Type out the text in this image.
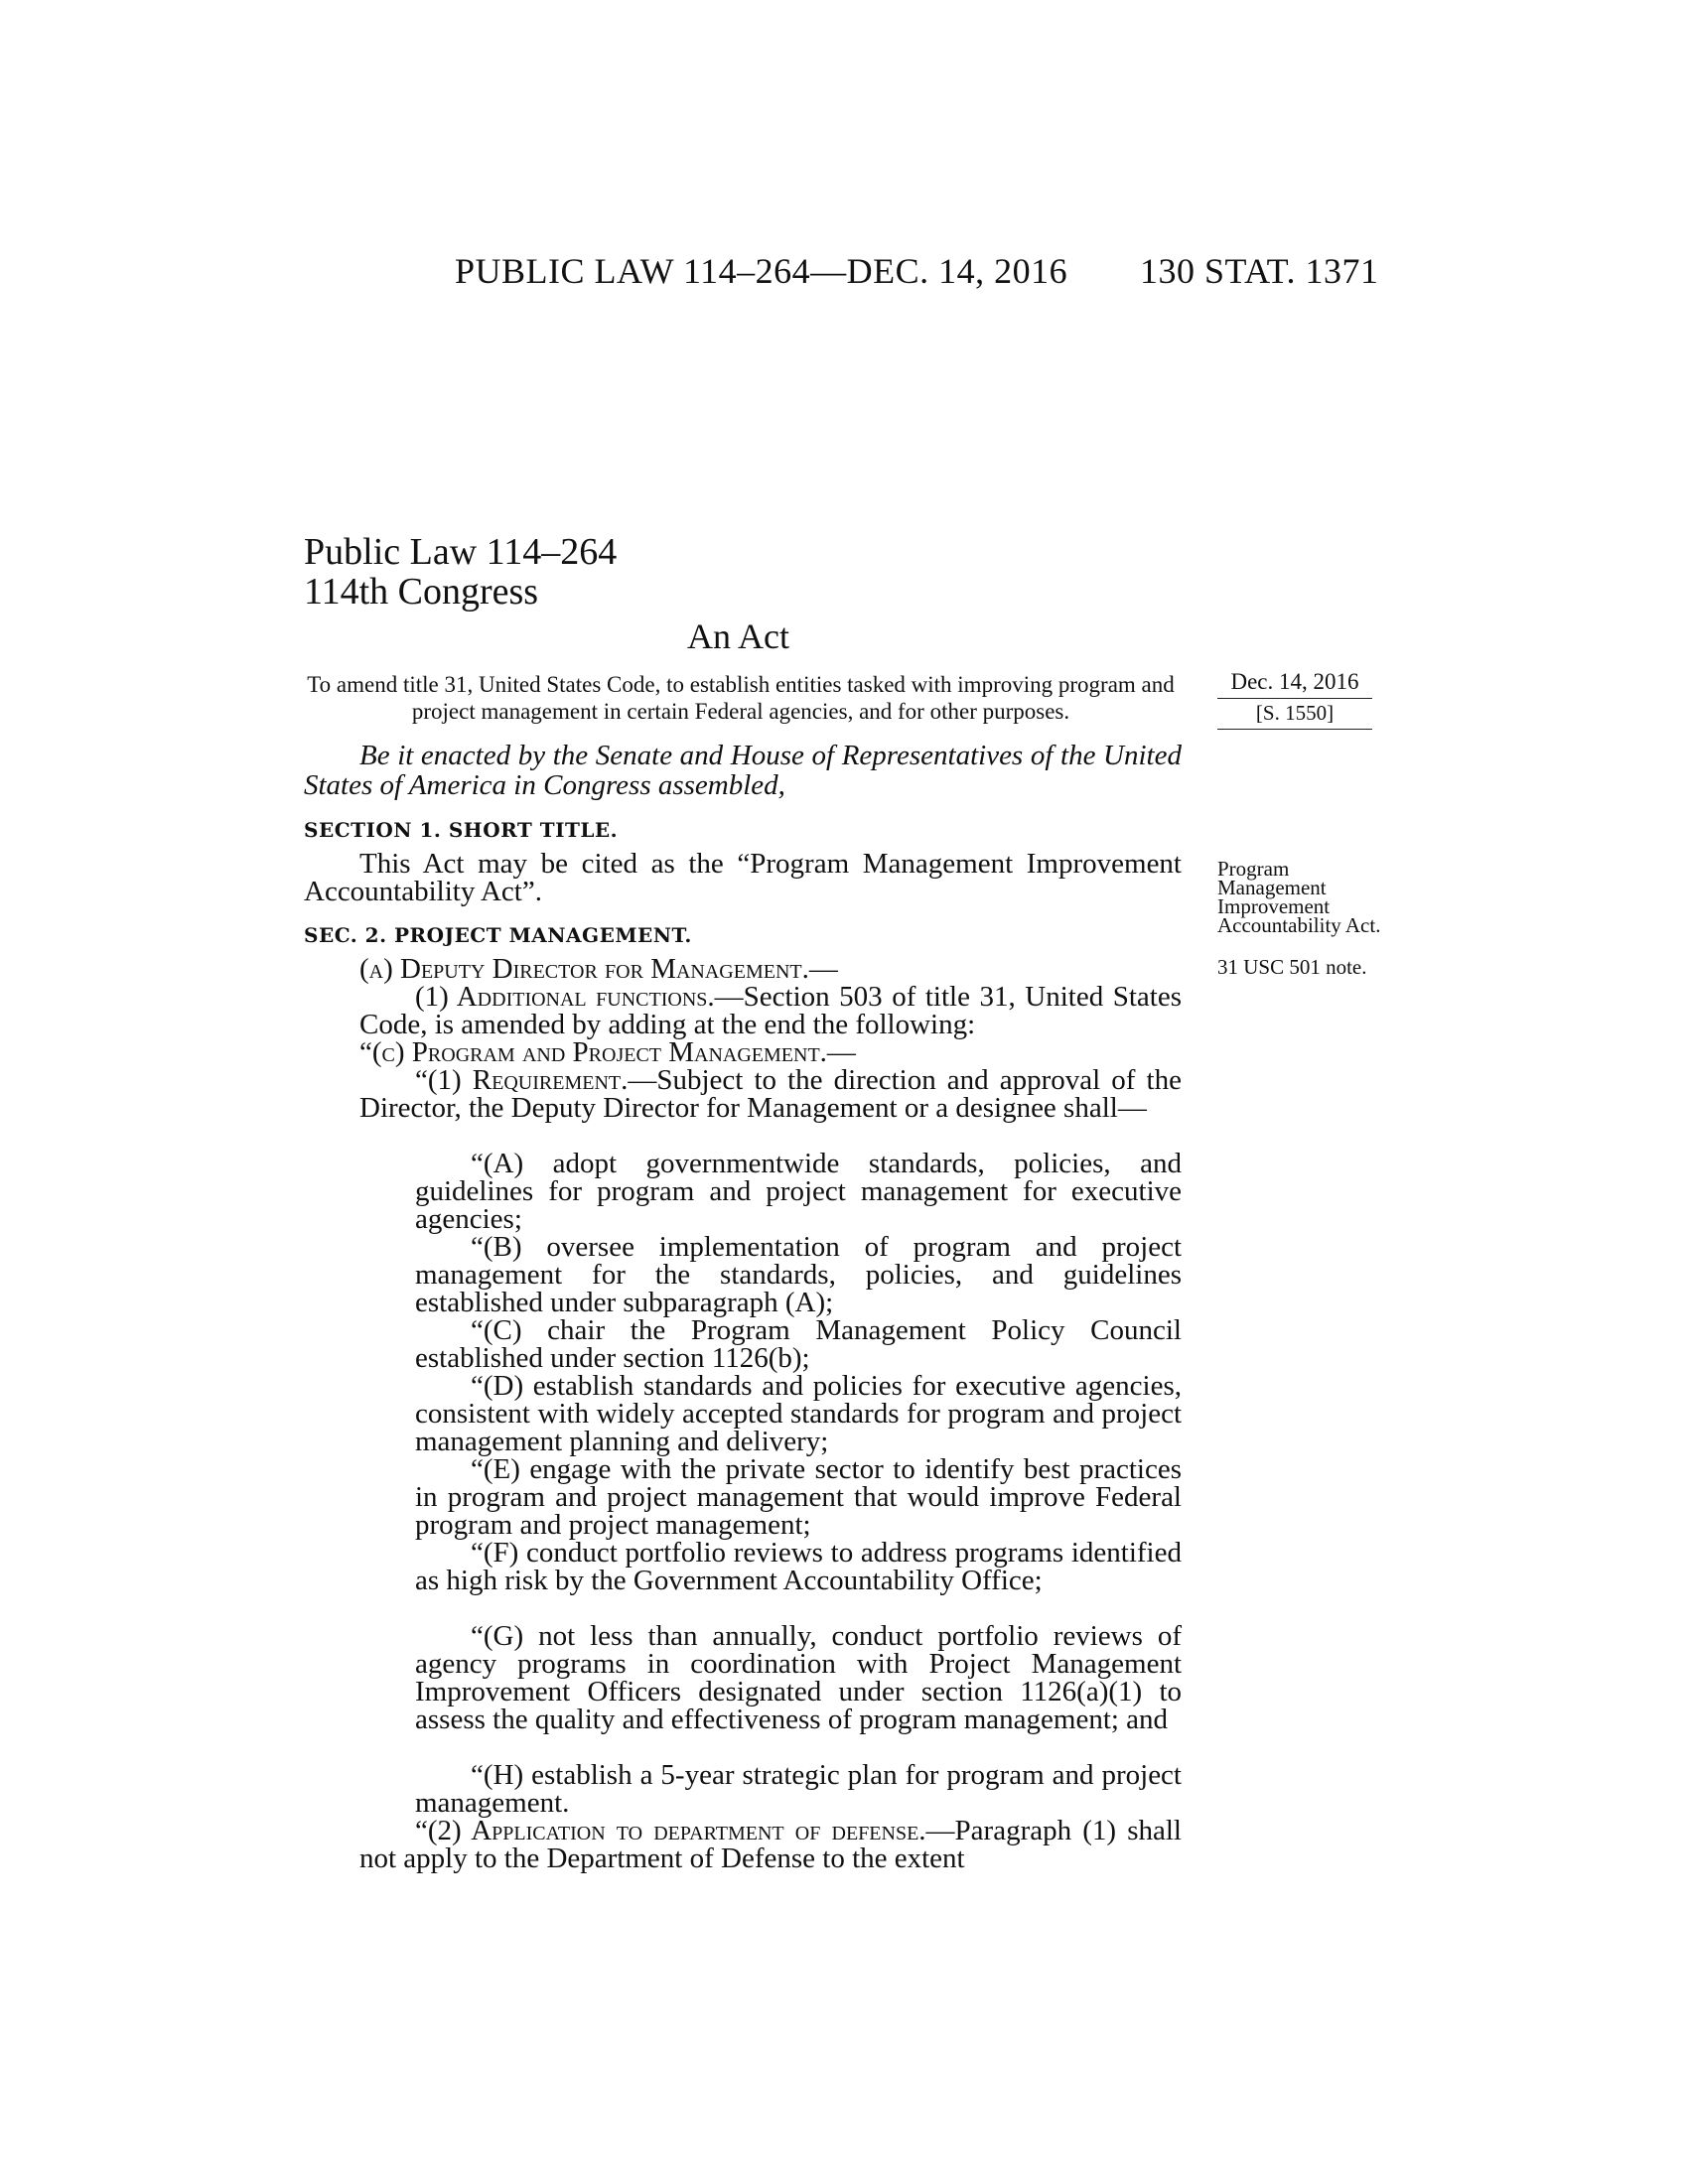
PUBLIC LAW 114–264—DEC. 14, 2016 130 STAT. 1371
Public Law 114–264
114th Congress
An Act
To amend title 31, United States Code, to establish entities tasked with improving program and project management in certain Federal agencies, and for other purposes.
Dec. 14, 2016
[S. 1550]
Program Management Improvement Accountability Act.
31 USC 501 note.
Be it enacted by the Senate and House of Representatives of the United States of America in Congress assembled,
SECTION 1. SHORT TITLE.
This Act may be cited as the “Program Management Improvement Accountability Act”.
SEC. 2. PROJECT MANAGEMENT.
(a) Deputy Director for Management.—
(1) Additional functions.—Section 503 of title 31, United States Code, is amended by adding at the end the following:
“(c) Program and Project Management.—
“(1) Requirement.—Subject to the direction and approval of the Director, the Deputy Director for Management or a designee shall—
“(A) adopt governmentwide standards, policies, and guidelines for program and project management for executive agencies;
“(B) oversee implementation of program and project management for the standards, policies, and guidelines established under subparagraph (A);
“(C) chair the Program Management Policy Council established under section 1126(b);
“(D) establish standards and policies for executive agencies, consistent with widely accepted standards for program and project management planning and delivery;
“(E) engage with the private sector to identify best practices in program and project management that would improve Federal program and project management;
“(F) conduct portfolio reviews to address programs identified as high risk by the Government Accountability Office;
“(G) not less than annually, conduct portfolio reviews of agency programs in coordination with Project Management Improvement Officers designated under section 1126(a)(1) to assess the quality and effectiveness of program management; and
“(H) establish a 5-year strategic plan for program and project management.
“(2) Application to department of defense.—Paragraph (1) shall not apply to the Department of Defense to the extent
